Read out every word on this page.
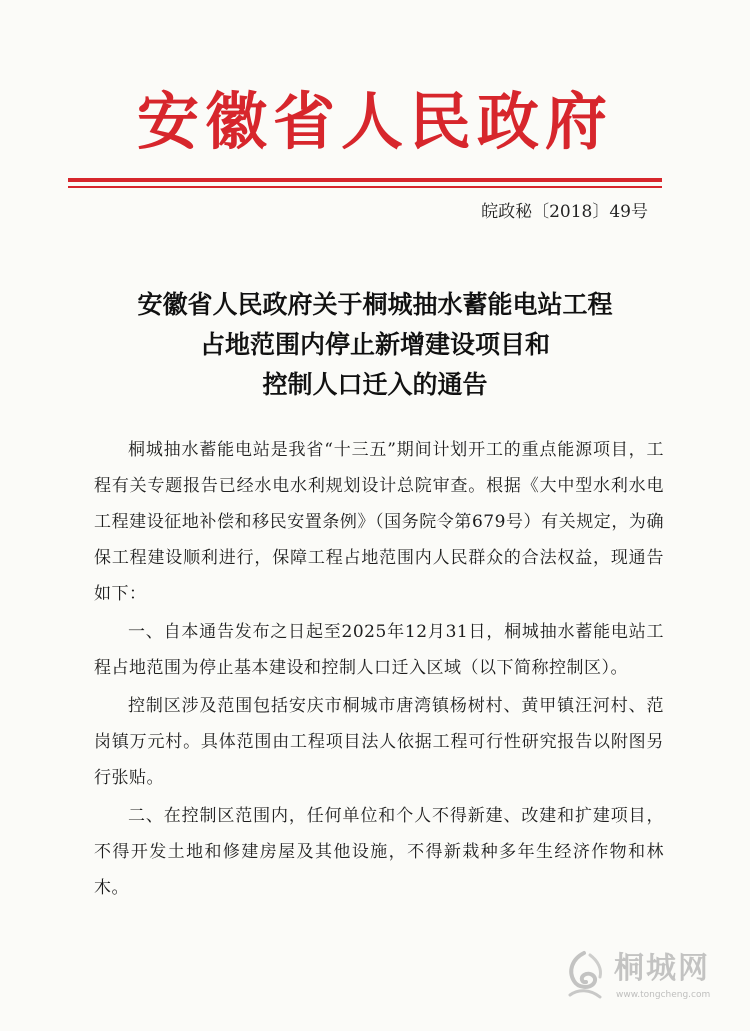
安徽省人民政府
皖政秘〔2018〕49号
安徽省人民政府关于桐城抽水蓄能电站工程
占地范围内停止新增建设项目和
控制人口迁入的通告

桐城抽水蓄能电站是我省“十三五”期间计划开工的重点能源项目，工程有关专题报告已经水电水利规划设计总院审查。根据《大中型水利水电工程建设征地补偿和移民安置条例》（国务院令第679号）有关规定，为确保工程建设顺利进行，保障工程占地范围内人民群众的合法权益，现通告如下：

一、自本通告发布之日起至2025年12月31日，桐城抽水蓄能电站工程占地范围为停止基本建设和控制人口迁入区域（以下简称控制区）。

控制区涉及范围包括安庆市桐城市唐湾镇杨树村、黄甲镇汪河村、范岗镇万元村。具体范围由工程项目法人依据工程可行性研究报告以附图另行张贴。

二、在控制区范围内，任何单位和个人不得新建、改建和扩建项目，不得开发土地和修建房屋及其他设施，不得新栽种多年生经济作物和林木。

桐城网
www.tongcheng.com
